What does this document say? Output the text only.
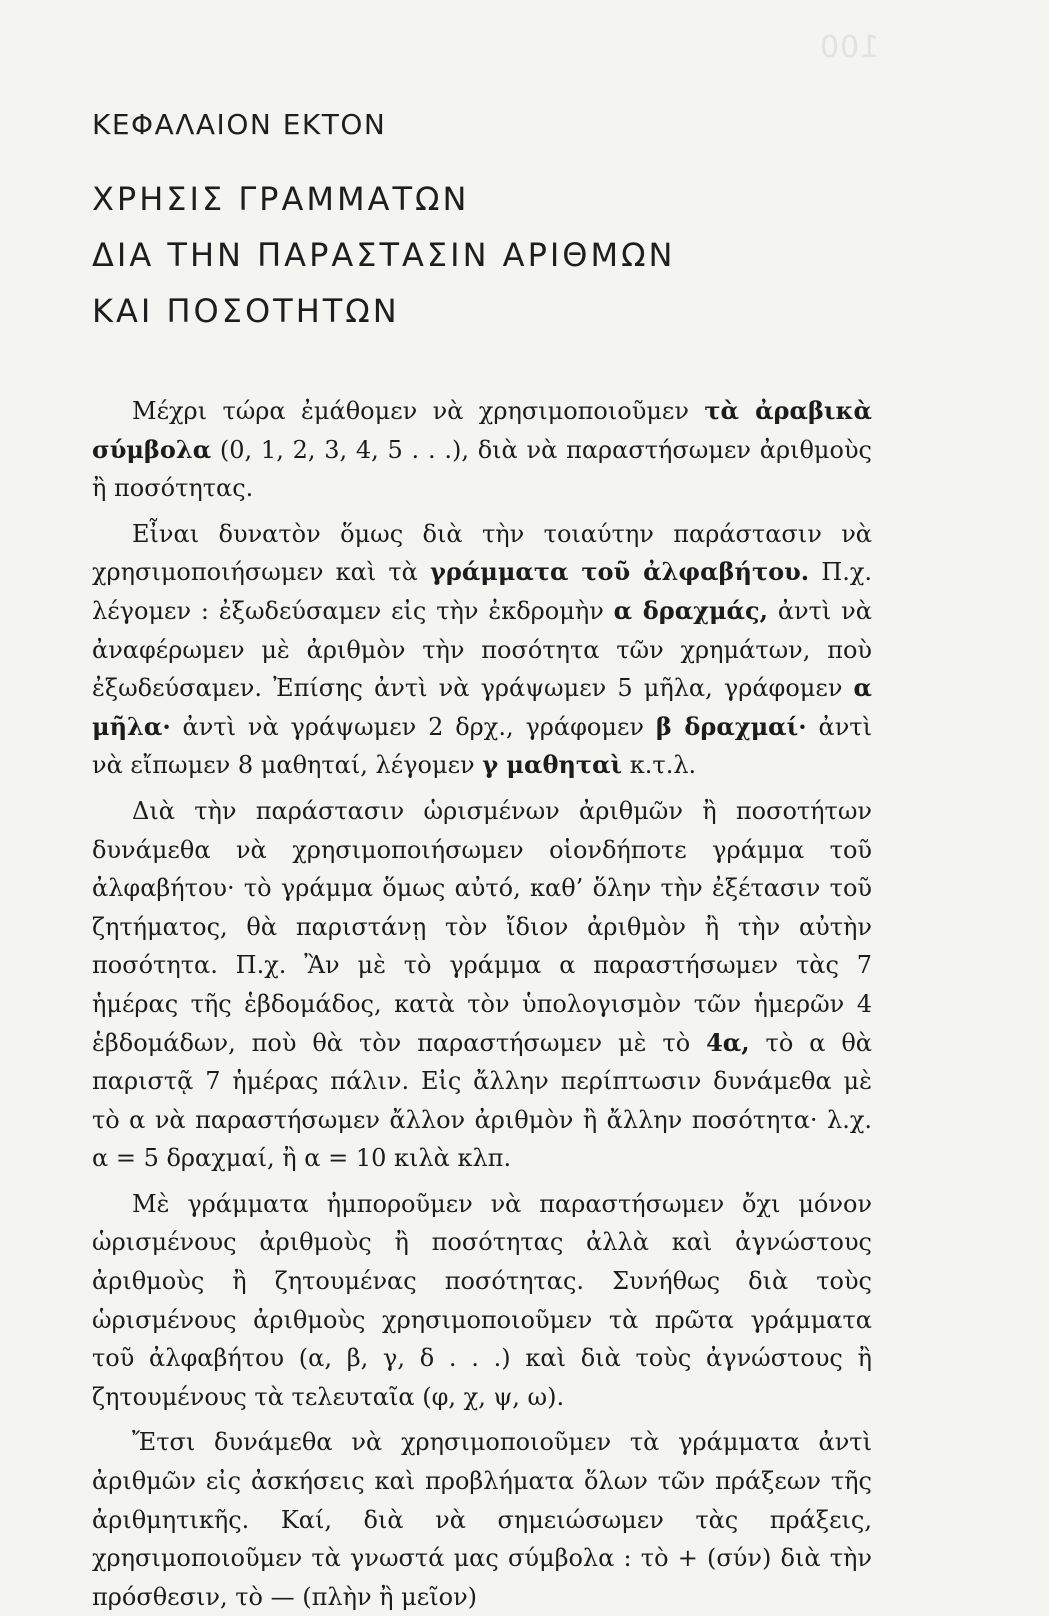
100
ΚΕΦΑΛΑΙΟΝ ΕΚΤΟΝ
ΧΡΗΣΙΣ ΓΡΑΜΜΑΤΩΝ
ΔΙΑ ΤΗΝ ΠΑΡΑΣΤΑΣΙΝ ΑΡΙΘΜΩΝ
ΚΑΙ ΠΟΣΟΤΗΤΩΝ

Μέχρι τώρα ἐμάθομεν νὰ χρησιμοποιοῦμεν τὰ ἀραβικὰ σύμβολα (0, 1, 2, 3, 4, 5 . . .), διὰ νὰ παραστήσωμεν ἀριθμοὺς ἢ ποσότητας.

Εἶναι δυνατὸν ὅμως διὰ τὴν τοιαύτην παράστασιν νὰ χρησιμοποιήσωμεν καὶ τὰ γράμματα τοῦ ἀλφαβήτου. Π.χ. λέγομεν : ἐξωδεύσαμεν εἰς τὴν ἐκδρομὴν α δραχμάς, ἀντὶ νὰ ἀναφέρωμεν μὲ ἀριθμὸν τὴν ποσότητα τῶν χρημάτων, ποὺ ἐξωδεύσαμεν. Ἐπίσης ἀντὶ νὰ γράψωμεν 5 μῆλα, γράφομεν α μῆλα· ἀντὶ νὰ γράψωμεν 2 δρχ., γράφομεν β δραχμαί· ἀντὶ νὰ εἴπωμεν 8 μαθηταί, λέγομεν γ μαθηταὶ κ.τ.λ.

Διὰ τὴν παράστασιν ὡρισμένων ἀριθμῶν ἢ ποσοτήτων δυνάμεθα νὰ χρησιμοποιήσωμεν οἱονδήποτε γράμμα τοῦ ἀλφαβήτου· τὸ γράμμα ὅμως αὐτό, καθ’ ὅλην τὴν ἐξέτασιν τοῦ ζητήματος, θὰ παριστάνῃ τὸν ἴδιον ἀριθμὸν ἢ τὴν αὐτὴν ποσότητα. Π.χ. Ἂν μὲ τὸ γράμμα α παραστήσωμεν τὰς 7 ἡμέρας τῆς ἑβδομάδος, κατὰ τὸν ὑπολογισμὸν τῶν ἡμερῶν 4 ἑβδομάδων, ποὺ θὰ τὸν παραστήσωμεν μὲ τὸ 4α, τὸ α θὰ παριστᾷ 7 ἡμέρας πάλιν. Εἰς ἄλλην περίπτωσιν δυνάμεθα μὲ τὸ α νὰ παραστήσωμεν ἄλλον ἀριθμὸν ἢ ἄλλην ποσότητα· λ.χ. α = 5 δραχμαί, ἢ α = 10 κιλὰ κλπ.

Μὲ γράμματα ἠμποροῦμεν νὰ παραστήσωμεν ὄχι μόνον ὡρισμένους ἀριθμοὺς ἢ ποσότητας ἀλλὰ καὶ ἀγνώστους ἀριθμοὺς ἢ ζητουμένας ποσότητας. Συνήθως διὰ τοὺς ὡρισμένους ἀριθμοὺς χρησιμοποιοῦμεν τὰ πρῶτα γράμματα τοῦ ἀλφαβήτου (α, β, γ, δ . . .) καὶ διὰ τοὺς ἀγνώστους ἢ ζητουμένους τὰ τελευταῖα (φ, χ, ψ, ω).

Ἔτσι δυνάμεθα νὰ χρησιμοποιοῦμεν τὰ γράμματα ἀντὶ ἀριθμῶν εἰς ἀσκήσεις καὶ προβλήματα ὅλων τῶν πράξεων τῆς ἀριθμητικῆς. Καί, διὰ νὰ σημειώσωμεν τὰς πράξεις, χρησιμοποιοῦμεν τὰ γνωστά μας σύμβολα : τὸ + (σύν) διὰ τὴν πρόσθεσιν, τὸ — (πλὴν ἢ μεῖον)
